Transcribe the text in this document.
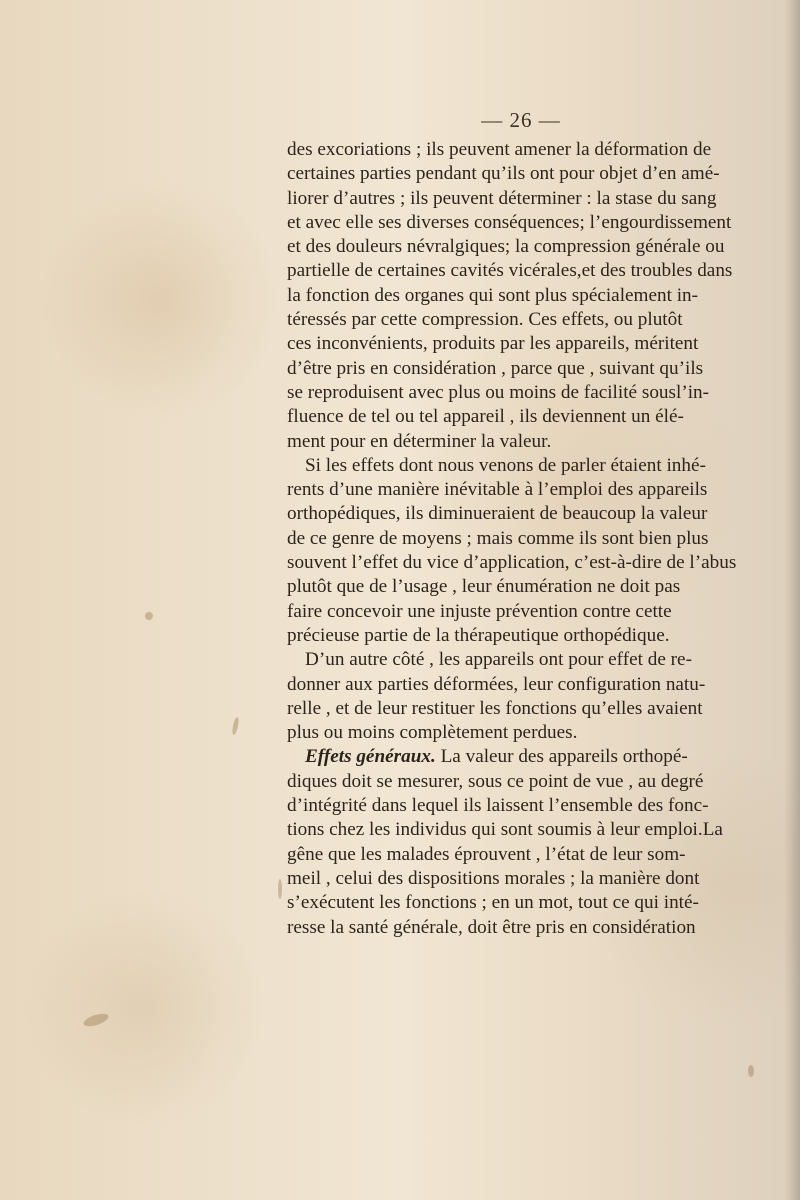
— 26 —
des excoriations ; ils peuvent amener la déformation de
certaines parties pendant qu’ils ont pour objet d’en amé-
liorer d’autres ; ils peuvent déterminer : la stase du sang
et avec elle ses diverses conséquences; l’engourdissement
et des douleurs névralgiques; la compression générale ou
partielle de certaines cavités vicérales,et des troubles dans
la fonction des organes qui sont plus spécialement in-
téressés par cette compression. Ces effets, ou plutôt
ces inconvénients, produits par les appareils, méritent
d’être pris en considération , parce que , suivant qu’ils
se reproduisent avec plus ou moins de facilité sousl’in-
fluence de tel ou tel appareil , ils deviennent un élé-
ment pour en déterminer la valeur.
Si les effets dont nous venons de parler étaient inhé-
rents d’une manière inévitable à l’emploi des appareils
orthopédiques, ils diminueraient de beaucoup la valeur
de ce genre de moyens ; mais comme ils sont bien plus
souvent l’effet du vice d’application, c’est-à-dire de l’abus
plutôt que de l’usage , leur énumération ne doit pas
faire concevoir une injuste prévention contre cette
précieuse partie de la thérapeutique orthopédique.
D’un autre côté , les appareils ont pour effet de re-
donner aux parties déformées, leur configuration natu-
relle , et de leur restituer les fonctions qu’elles avaient
plus ou moins complètement perdues.
Effets généraux. La valeur des appareils orthopé-
diques doit se mesurer, sous ce point de vue , au degré
d’intégrité dans lequel ils laissent l’ensemble des fonc-
tions chez les individus qui sont soumis à leur emploi.La
gêne que les malades éprouvent , l’état de leur som-
meil , celui des dispositions morales ; la manière dont
s’exécutent les fonctions ; en un mot, tout ce qui inté-
resse la santé générale, doit être pris en considération
